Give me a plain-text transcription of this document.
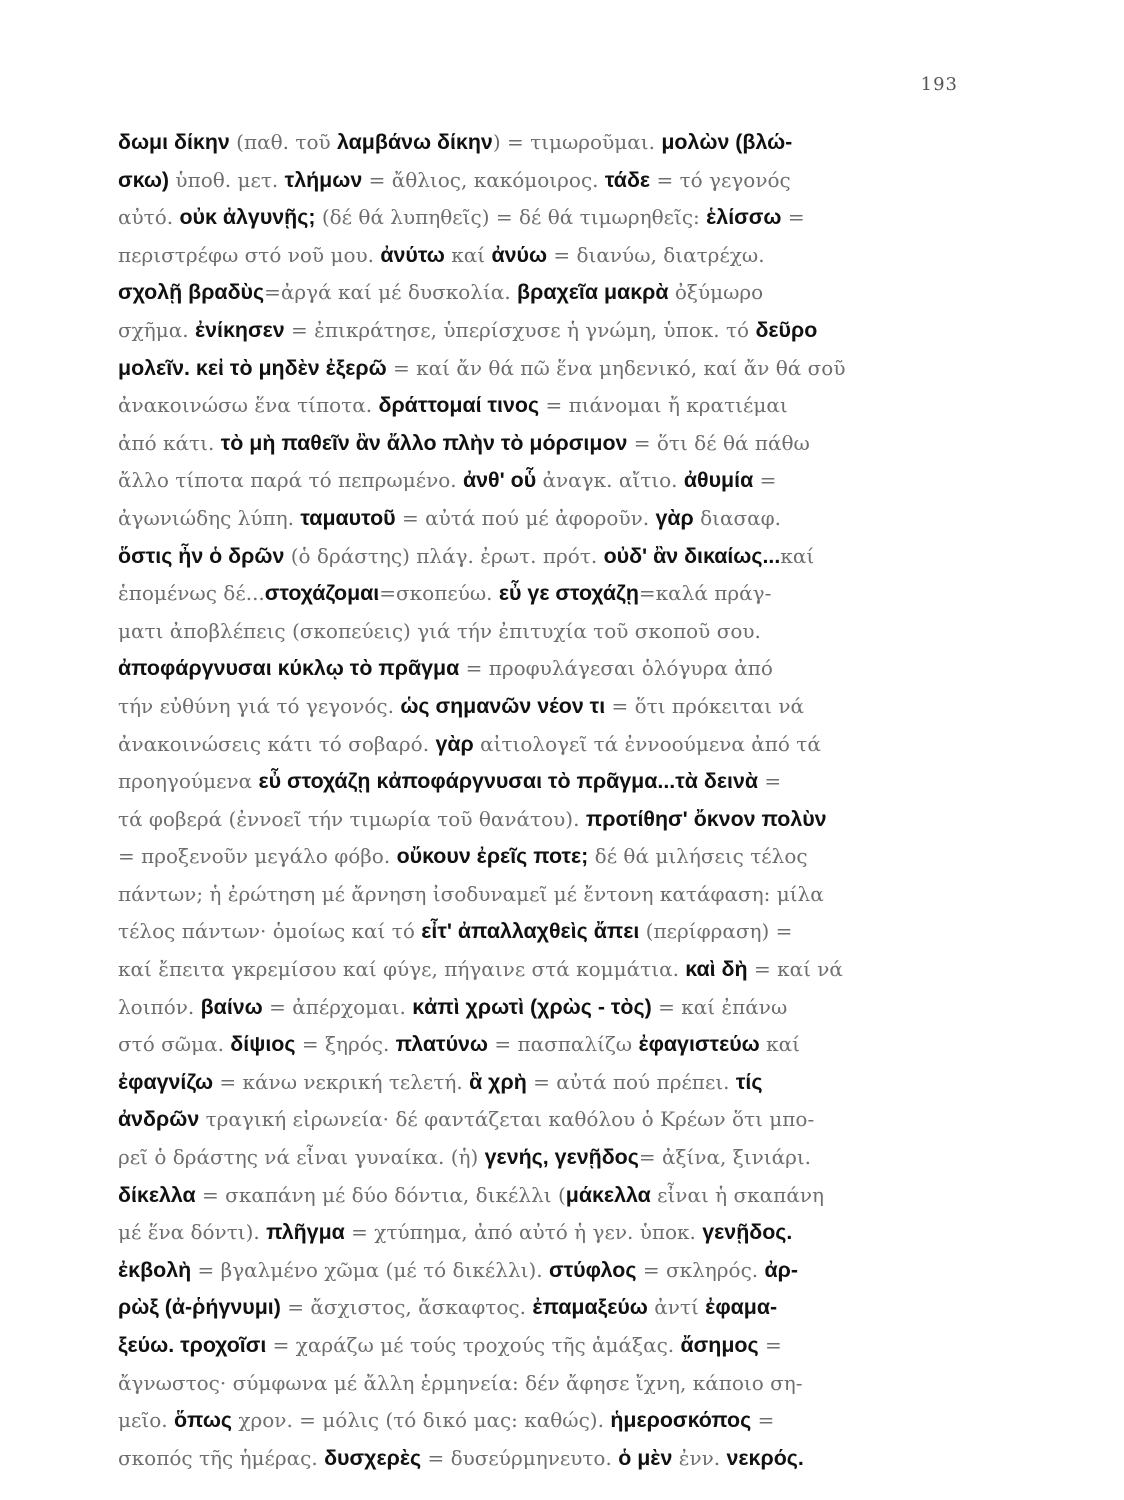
193
δωμι δίκην (παθ. τοῦ λαμβάνω δίκην) = τιμωροῦμαι. μολὼν (βλώ-
σκω) ὑποθ. μετ. τλήμων = ἄθλιος, κακόμοιρος. τάδε = τό γεγονός
αὐτό. οὐκ ἀλγυνῇς; (δέ θά λυπηθεῖς) = δέ θά τιμωρηθεῖς: ἑλίσσω =
περιστρέφω στό νοῦ μου. ἀνύτω καί ἀνύω = διανύω, διατρέχω.
σχολῇ βραδὺς=ἀργά καί μέ δυσκολία. βραχεῖα μακρὰ ὀξύμωρο
σχῆμα. ἐνίκησεν = ἐπικράτησε, ὑπερίσχυσε ἡ γνώμη, ὑποκ. τό δεῦρο
μολεῖν. κεἰ τὸ μηδὲν ἐξερῶ = καί ἄν θά πῶ ἕνα μηδενικό, καί ἄν θά σοῦ
ἀνακοινώσω ἕνα τίποτα. δράττομαί τινος = πιάνομαι ἤ κρατιέμαι
ἀπό κάτι. τὸ μὴ παθεῖν ἂν ἄλλο πλὴν τὸ μόρσιμον = ὅτι δέ θά πάθω
ἄλλο τίποτα παρά τό πεπρωμένο. ἀνθ' οὗ ἀναγκ. αἴτιο. ἀθυμία =
ἀγωνιώδης λύπη. ταμαυτοῦ = αὐτά πού μέ ἀφοροῦν. γὰρ διασαφ.
ὅστις ἦν ὁ δρῶν (ὁ δράστης) πλάγ. ἐρωτ. πρότ. οὐδ' ἂν δικαίως...καί
ἑπομένως δέ...στοχάζομαι=σκοπεύω. εὖ γε στοχάζῃ=καλά πράγ-
ματι ἀποβλέπεις (σκοπεύεις) γιά τήν ἐπιτυχία τοῦ σκοποῦ σου.
ἀποφάργνυσαι κύκλῳ τὸ πρᾶγμα = προφυλάγεσαι ὁλόγυρα ἀπό
τήν εὐθύνη γιά τό γεγονός. ὡς σημανῶν νέον τι = ὅτι πρόκειται νά
ἀνακοινώσεις κάτι τό σοβαρό. γὰρ αἰτιολογεῖ τά ἐννοούμενα ἀπό τά
προηγούμενα εὖ στοχάζῃ κἀποφάργνυσαι τὸ πρᾶγμα...τὰ δεινὰ =
τά φοβερά (ἐννοεῖ τήν τιμωρία τοῦ θανάτου). προτίθησ' ὄκνον πολὺν
= προξενοῦν μεγάλο φόβο. οὔκουν ἐρεῖς ποτε; δέ θά μιλήσεις τέλος
πάντων; ἡ ἐρώτηση μέ ἄρνηση ἰσοδυναμεῖ μέ ἔντονη κατάφαση: μίλα
τέλος πάντων· ὁμοίως καί τό εἶτ' ἀπαλλαχθεὶς ἄπει (περίφραση) =
καί ἔπειτα γκρεμίσου καί φύγε, πήγαινε στά κομμάτια. καὶ δὴ = καί νά
λοιπόν. βαίνω = ἀπέρχομαι. κἀπὶ χρωτὶ (χρὼς - τὸς) = καί ἐπάνω
στό σῶμα. δίψιος = ξηρός. πλατύνω = πασπαλίζω ἐφαγιστεύω καί
ἐφαγνίζω = κάνω νεκρική τελετή. ἃ χρὴ = αὐτά πού πρέπει. τίς
ἀνδρῶν τραγική εἰρωνεία· δέ φαντάζεται καθόλου ὁ Κρέων ὅτι μπο-
ρεῖ ὁ δράστης νά εἶναι γυναίκα. (ἡ) γενής, γενῇδος= ἀξίνα, ξινιάρι.
δίκελλα = σκαπάνη μέ δύο δόντια, δικέλλι (μάκελλα εἶναι ἡ σκαπάνη
μέ ἕνα δόντι). πλῆγμα = χτύπημα, ἀπό αὐτό ἡ γεν. ὑποκ. γενῇδος.
ἐκβολὴ = βγαλμένο χῶμα (μέ τό δικέλλι). στύφλος = σκληρός. ἀρ-
ρὼξ (ἀ-ῥήγνυμι) = ἄσχιστος, ἄσκαφτος. ἐπαμαξεύω ἀντί ἐφαμα-
ξεύω. τροχοῖσι = χαράζω μέ τούς τροχούς τῆς ἁμάξας. ἄσημος =
ἄγνωστος· σύμφωνα μέ ἄλλη ἑρμηνεία: δέν ἄφησε ἴχνη, κάποιο ση-
μεῖο. ὅπως χρον. = μόλις (τό δικό μας: καθώς). ἡμεροσκόπος =
σκοπός τῆς ἡμέρας. δυσχερὲς = δυσεύρμηνευτο. ὁ μὲν ἐνν. νεκρός.
